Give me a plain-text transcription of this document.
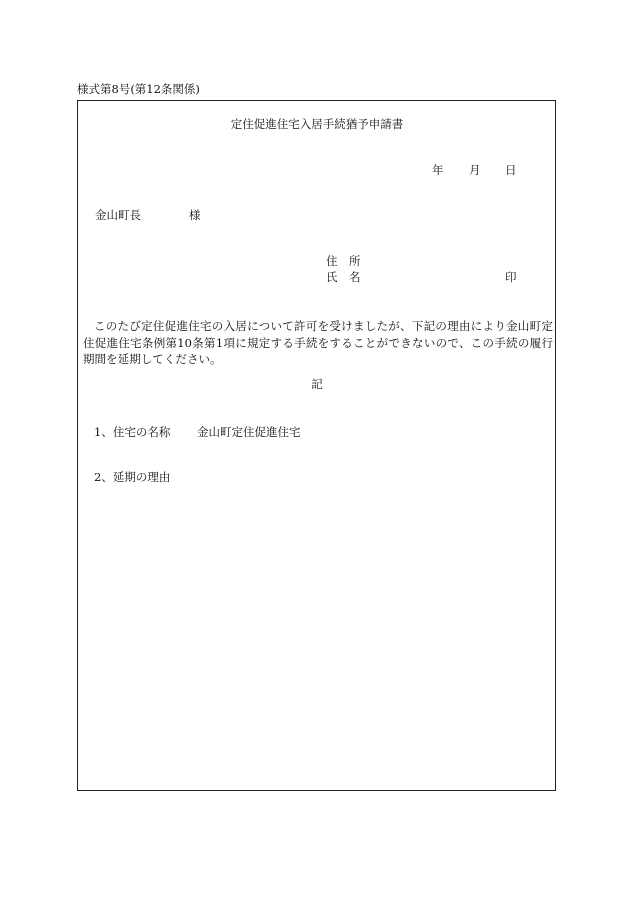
様式第8号(第12条関係)
定住促進住宅入居手続猶予申請書
年 月 日
金山町長	様
住 所
氏 名	印
このたび定住促進住宅の入居について許可を受けましたが、下記の理由により金山町定住促進住宅条例第10条第1項に規定する手続をすることができないので、この手続の履行期間を延期してください。
記
1、住宅の名称 金山町定住促進住宅
2、延期の理由
